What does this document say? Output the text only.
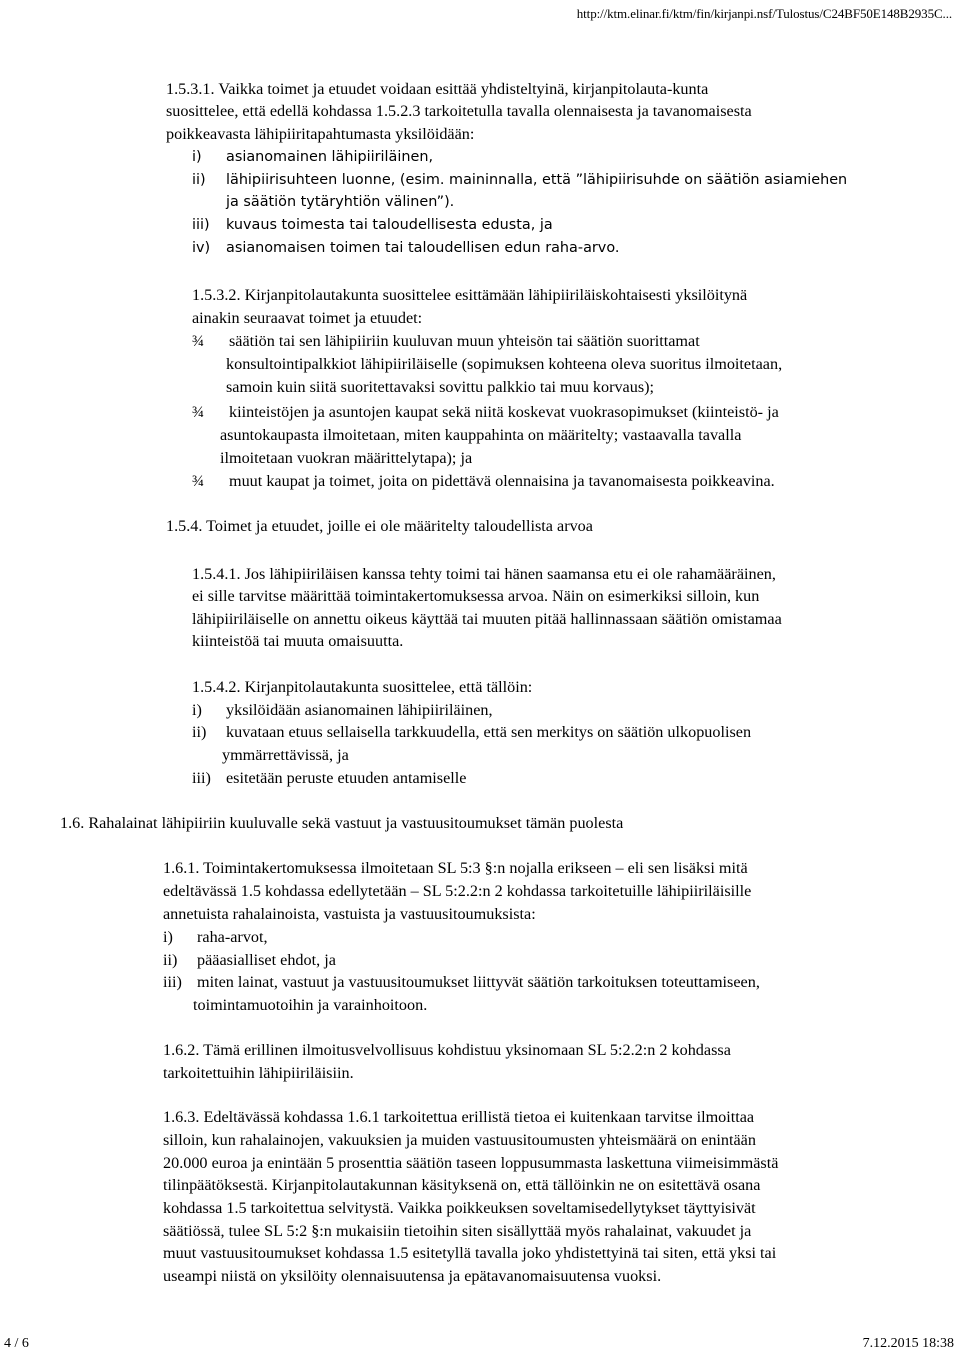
http://ktm.elinar.fi/ktm/fin/kirjanpi.nsf/Tulostus/C24BF50E148B2935C...
1.5.3.1. Vaikka toimet ja etuudet voidaan esittää yhdisteltyinä, kirjanpitolauta-kunta
suosittelee, että edellä kohdassa 1.5.2.3 tarkoitetulla tavalla olennaisesta ja tavanomaisesta
poikkeavasta lähipiiritapahtumasta yksilöidään:
i) asianomainen lähipiiriläinen,
ii) lähipiirisuhteen luonne, (esim. maininnalla, että ”lähipiirisuhde on säätiön asiamiehen
ja säätiön tytäryhtiön välinen”).
iii) kuvaus toimesta tai taloudellisesta edusta, ja
iv) asianomaisen toimen tai taloudellisen edun raha-arvo.
1.5.3.2. Kirjanpitolautakunta suosittelee esittämään lähipiiriläiskohtaisesti yksilöitynä
ainakin seuraavat toimet ja etuudet:
¾ säätiön tai sen lähipiiriin kuuluvan muun yhteisön tai säätiön suorittamat
konsultointipalkkiot lähipiiriläiselle (sopimuksen kohteena oleva suoritus ilmoitetaan,
samoin kuin siitä suoritettavaksi sovittu palkkio tai muu korvaus);
¾ kiinteistöjen ja asuntojen kaupat sekä niitä koskevat vuokrasopimukset (kiinteistö- ja
asuntokaupasta ilmoitetaan, miten kauppahinta on määritelty; vastaavalla tavalla
ilmoitetaan vuokran määrittelytapa); ja
¾ muut kaupat ja toimet, joita on pidettävä olennaisina ja tavanomaisesta poikkeavina.
1.5.4. Toimet ja etuudet, joille ei ole määritelty taloudellista arvoa
1.5.4.1. Jos lähipiiriläisen kanssa tehty toimi tai hänen saamansa etu ei ole rahamääräinen,
ei sille tarvitse määrittää toimintakertomuksessa arvoa. Näin on esimerkiksi silloin, kun
lähipiiriläiselle on annettu oikeus käyttää tai muuten pitää hallinnassaan säätiön omistamaa
kiinteistöä tai muuta omaisuutta.
1.5.4.2. Kirjanpitolautakunta suosittelee, että tällöin:
i) yksilöidään asianomainen lähipiiriläinen,
ii) kuvataan etuus sellaisella tarkkuudella, että sen merkitys on säätiön ulkopuolisen
ymmärrettävissä, ja
iii) esitetään peruste etuuden antamiselle
1.6. Rahalainat lähipiiriin kuuluvalle sekä vastuut ja vastuusitoumukset tämän puolesta
1.6.1. Toimintakertomuksessa ilmoitetaan SL 5:3 §:n nojalla erikseen – eli sen lisäksi mitä
edeltävässä 1.5 kohdassa edellytetään – SL 5:2.2:n 2 kohdassa tarkoitetuille lähipiiriläisille
annetuista rahalainoista, vastuista ja vastuusitoumuksista:
i) raha-arvot,
ii) pääasialliset ehdot, ja
iii) miten lainat, vastuut ja vastuusitoumukset liittyvät säätiön tarkoituksen toteuttamiseen,
toimintamuotoihin ja varainhoitoon.
1.6.2. Tämä erillinen ilmoitusvelvollisuus kohdistuu yksinomaan SL 5:2.2:n 2 kohdassa
tarkoitettuihin lähipiiriläisiin.
1.6.3. Edeltävässä kohdassa 1.6.1 tarkoitettua erillistä tietoa ei kuitenkaan tarvitse ilmoittaa
silloin, kun rahalainojen, vakuuksien ja muiden vastuusitoumusten yhteismäärä on enintään
20.000 euroa ja enintään 5 prosenttia säätiön taseen loppusummasta laskettuna viimeisimmästä
tilinpäätöksestä. Kirjanpitolautakunnan käsityksenä on, että tällöinkin ne on esitettävä osana
kohdassa 1.5 tarkoitettua selvitystä. Vaikka poikkeuksen soveltamisedellytykset täyttyisivät
säätiössä, tulee SL 5:2 §:n mukaisiin tietoihin siten sisällyttää myös rahalainat, vakuudet ja
muut vastuusitoumukset kohdassa 1.5 esitetyllä tavalla joko yhdistettyinä tai siten, että yksi tai
useampi niistä on yksilöity olennaisuutensa ja epätavanomaisuutensa vuoksi.
4 / 6	7.12.2015 18:38
